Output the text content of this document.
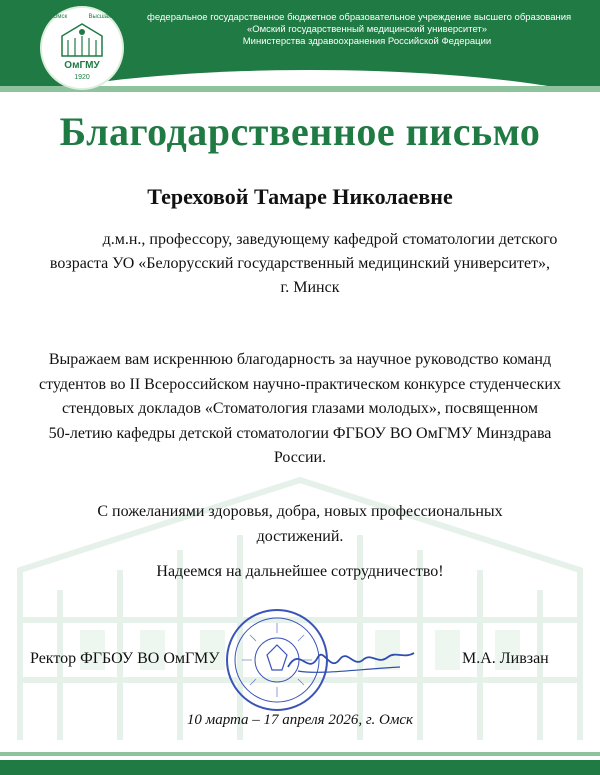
Омск	Высшая
ОмГМУ
1920
федеральное государственное бюджетное образовательное учреждение высшего образования
«Омский государственный медицинский университет»
Министерства здравоохранения Российской Федерации
Благодарственное письмо
Тереховой Тамаре Николаевне
д.м.н., профессору, заведующему кафедрой стоматологии детского
возраста УО «Белорусский государственный медицинский университет»,
г. Минск
Выражаем вам искреннюю благодарность за научное руководство команд
студентов во II Всероссийском научно-практическом конкурсе студенческих
стендовых докладов «Стоматология глазами молодых», посвященном
50-летию кафедры детской стоматологии ФГБОУ ВО ОмГМУ Минздрава
России.
С пожеланиями здоровья, добра, новых профессиональных
достижений.
Надеемся на дальнейшее сотрудничество!
Ректор ФГБОУ ВО ОмГМУ	М.А. Ливзан
10 марта – 17 апреля 2026, г. Омск
